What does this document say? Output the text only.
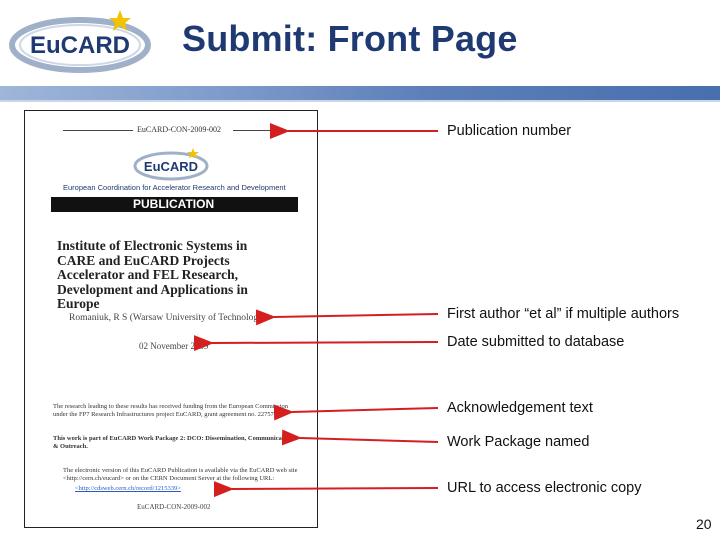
EuCARD Submit: Front Page
EuCARD-CON-2009-002
EuCARD
European Coordination for Accelerator Research and Development
PUBLICATION

Institute of Electronic Systems in CARE and EuCARD Projects Accelerator and FEL Research, Development and Applications in Europe

Romaniuk, R S (Warsaw University of Technology)
02 November 2009

The research leading to these results has received funding from the European Commission under the FP7 Research Infrastructures project EuCARD, grant agreement no. 227579.

This work is part of EuCARD Work Package 2: DCO: Dissemination, Communication & Outreach.

The electronic version of this EuCARD Publication is available via the EuCARD web site <http://cern.ch/eucard> or on the CERN Document Server at the following URL:

<http://cdsweb.cern.ch/record/1215339>
EuCARD-CON-2009-002
Publication number
First author “et al” if multiple authors
Date submitted to database
Acknowledgement text
Work Package named
URL to access electronic copy
20
